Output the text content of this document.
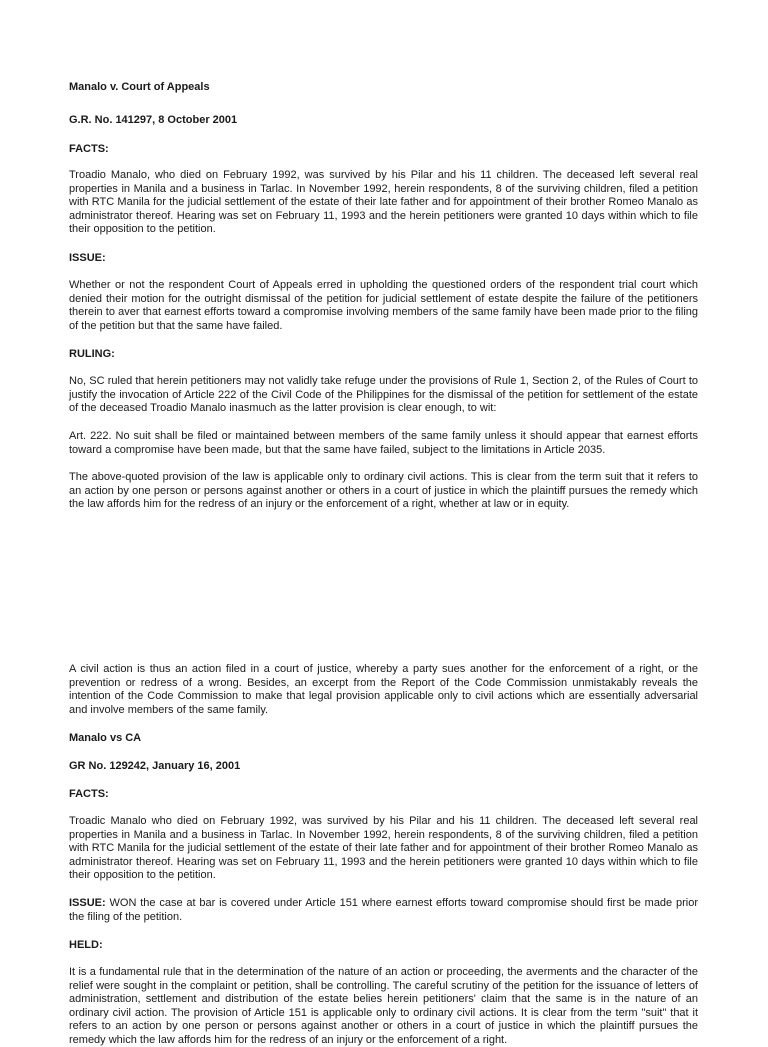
Manalo v. Court of Appeals

G.R. No. 141297, 8 October 2001

FACTS:

Troadio Manalo, who died on February 1992, was survived by his Pilar and his 11 children. The deceased left several real properties in Manila and a business in Tarlac. In November 1992, herein respondents, 8 of the surviving children, filed a petition with RTC Manila for the judicial settlement of the estate of their late father and for appointment of their brother Romeo Manalo as administrator thereof. Hearing was set on February 11, 1993 and the herein petitioners were granted 10 days within which to file their opposition to the petition.

ISSUE:

Whether or not the respondent Court of Appeals erred in upholding the questioned orders of the respondent trial court which denied their motion for the outright dismissal of the petition for judicial settlement of estate despite the failure of the petitioners therein to aver that earnest efforts toward a compromise involving members of the same family have been made prior to the filing of the petition but that the same have failed.

RULING:

No, SC ruled that herein petitioners may not validly take refuge under the provisions of Rule 1, Section 2, of the Rules of Court to justify the invocation of Article 222 of the Civil Code of the Philippines for the dismissal of the petition for settlement of the estate of the deceased Troadio Manalo inasmuch as the latter provision is clear enough, to wit:

Art. 222. No suit shall be filed or maintained between members of the same family unless it should appear that earnest efforts toward a compromise have been made, but that the same have failed, subject to the limitations in Article 2035.

The above-quoted provision of the law is applicable only to ordinary civil actions. This is clear from the term suit that it refers to an action by one person or persons against another or others in a court of justice in which the plaintiff pursues the remedy which the law affords him for the redress of an injury or the enforcement of a right, whether at law or in equity.

A civil action is thus an action filed in a court of justice, whereby a party sues another for the enforcement of a right, or the prevention or redress of a wrong. Besides, an excerpt from the Report of the Code Commission unmistakably reveals the intention of the Code Commission to make that legal provision applicable only to civil actions which are essentially adversarial and involve members of the same family.

Manalo vs CA

GR No. 129242, January 16, 2001

FACTS:

Troadic Manalo who died on February 1992, was survived by his Pilar and his 11 children. The deceased left several real properties in Manila and a business in Tarlac. In November 1992, herein respondents, 8 of the surviving children, filed a petition with RTC Manila for the judicial settlement of the estate of their late father and for appointment of their brother Romeo Manalo as administrator thereof. Hearing was set on February 11, 1993 and the herein petitioners were granted 10 days within which to file their opposition to the petition.

ISSUE: WON the case at bar is covered under Article 151 where earnest efforts toward compromise should first be made prior the filing of the petition.

HELD:

It is a fundamental rule that in the determination of the nature of an action or proceeding, the averments and the character of the relief were sought in the complaint or petition, shall be controlling. The careful scrutiny of the petition for the issuance of letters of administration, settlement and distribution of the estate belies herein petitioners' claim that the same is in the nature of an ordinary civil action. The provision of Article 151 is applicable only to ordinary civil actions. It is clear from the term "suit" that it refers to an action by one person or persons against another or others in a court of justice in which the plaintiff pursues the remedy which the law affords him for the redress of an injury or the enforcement of a right.
